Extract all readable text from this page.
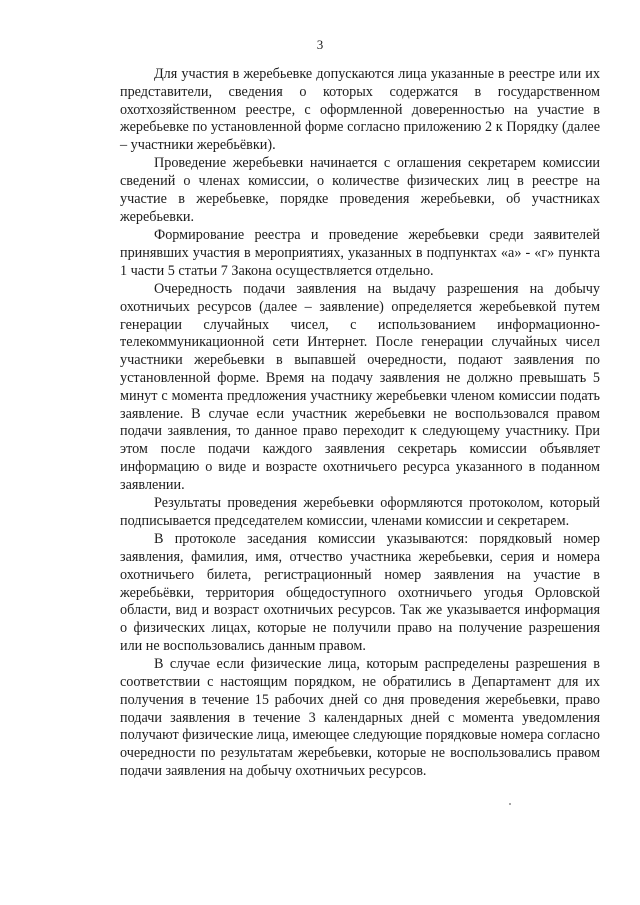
3

Для участия в жеребьевке допускаются лица указанные в реестре или их представители, сведения о которых содержатся в государственном охотхозяйственном реестре, с оформленной доверенностью на участие в жеребьевке по установленной форме согласно приложению 2 к Порядку (далее – участники жеребьёвки).

Проведение жеребьевки начинается с оглашения секретарем комиссии сведений о членах комиссии, о количестве физических лиц в реестре на участие в жеребьевке, порядке проведения жеребьевки, об участниках жеребьевки.

Формирование реестра и проведение жеребьевки среди заявителей принявших участия в мероприятиях, указанных в подпунктах «а» - «г» пункта 1 части 5 статьи 7 Закона осуществляется отдельно.

Очередность подачи заявления на выдачу разрешения на добычу охотничьих ресурсов (далее – заявление) определяется жеребьевкой путем генерации случайных чисел, с использованием информационно-телекоммуникационной сети Интернет. После генерации случайных чисел участники жеребьевки в выпавшей очередности, подают заявления по установленной форме. Время на подачу заявления не должно превышать 5 минут с момента предложения участнику жеребьевки членом комиссии подать заявление. В случае если участник жеребьевки не воспользовался правом подачи заявления, то данное право переходит к следующему участнику. При этом после подачи каждого заявления секретарь комиссии объявляет информацию о виде и возрасте охотничьего ресурса указанного в поданном заявлении.

Результаты проведения жеребьевки оформляются протоколом, который подписывается председателем комиссии, членами комиссии и секретарем.

В протоколе заседания комиссии указываются: порядковый номер заявления, фамилия, имя, отчество участника жеребьевки, серия и номера охотничьего билета, регистрационный номер заявления на участие в жеребьёвки, территория общедоступного охотничьего угодья Орловской области, вид и возраст охотничьих ресурсов. Так же указывается информация о физических лицах, которые не получили право на получение разрешения или не воспользовались данным правом.

В случае если физические лица, которым распределены разрешения в соответствии с настоящим порядком, не обратились в Департамент для их получения в течение 15 рабочих дней со дня проведения жеребьевки, право подачи заявления в течение 3 календарных дней с момента уведомления получают физические лица, имеющее следующие порядковые номера согласно очередности по результатам жеребьевки, которые не воспользовались правом подачи заявления на добычу охотничьих ресурсов.
